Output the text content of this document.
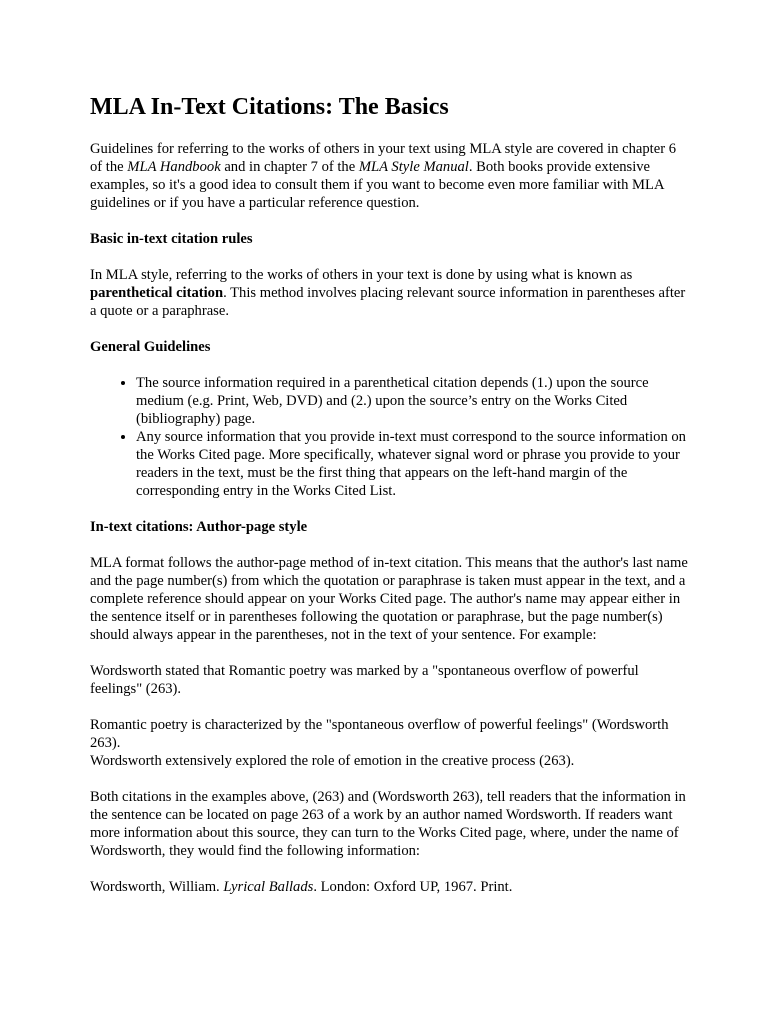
MLA In-Text Citations: The Basics

Guidelines for referring to the works of others in your text using MLA style are covered in chapter 6 of the MLA Handbook and in chapter 7 of the MLA Style Manual. Both books provide extensive examples, so it's a good idea to consult them if you want to become even more familiar with MLA guidelines or if you have a particular reference question.

Basic in-text citation rules

In MLA style, referring to the works of others in your text is done by using what is known as parenthetical citation. This method involves placing relevant source information in parentheses after a quote or a paraphrase.

General Guidelines

• The source information required in a parenthetical citation depends (1.) upon the source medium (e.g. Print, Web, DVD) and (2.) upon the source’s entry on the Works Cited (bibliography) page.
• Any source information that you provide in-text must correspond to the source information on the Works Cited page. More specifically, whatever signal word or phrase you provide to your readers in the text, must be the first thing that appears on the left-hand margin of the corresponding entry in the Works Cited List.

In-text citations: Author-page style

MLA format follows the author-page method of in-text citation. This means that the author's last name and the page number(s) from which the quotation or paraphrase is taken must appear in the text, and a complete reference should appear on your Works Cited page. The author's name may appear either in the sentence itself or in parentheses following the quotation or paraphrase, but the page number(s) should always appear in the parentheses, not in the text of your sentence. For example:

Wordsworth stated that Romantic poetry was marked by a "spontaneous overflow of powerful feelings" (263).

Romantic poetry is characterized by the "spontaneous overflow of powerful feelings" (Wordsworth 263).

Wordsworth extensively explored the role of emotion in the creative process (263).

Both citations in the examples above, (263) and (Wordsworth 263), tell readers that the information in the sentence can be located on page 263 of a work by an author named Wordsworth. If readers want more information about this source, they can turn to the Works Cited page, where, under the name of Wordsworth, they would find the following information:

Wordsworth, William. Lyrical Ballads. London: Oxford UP, 1967. Print.
